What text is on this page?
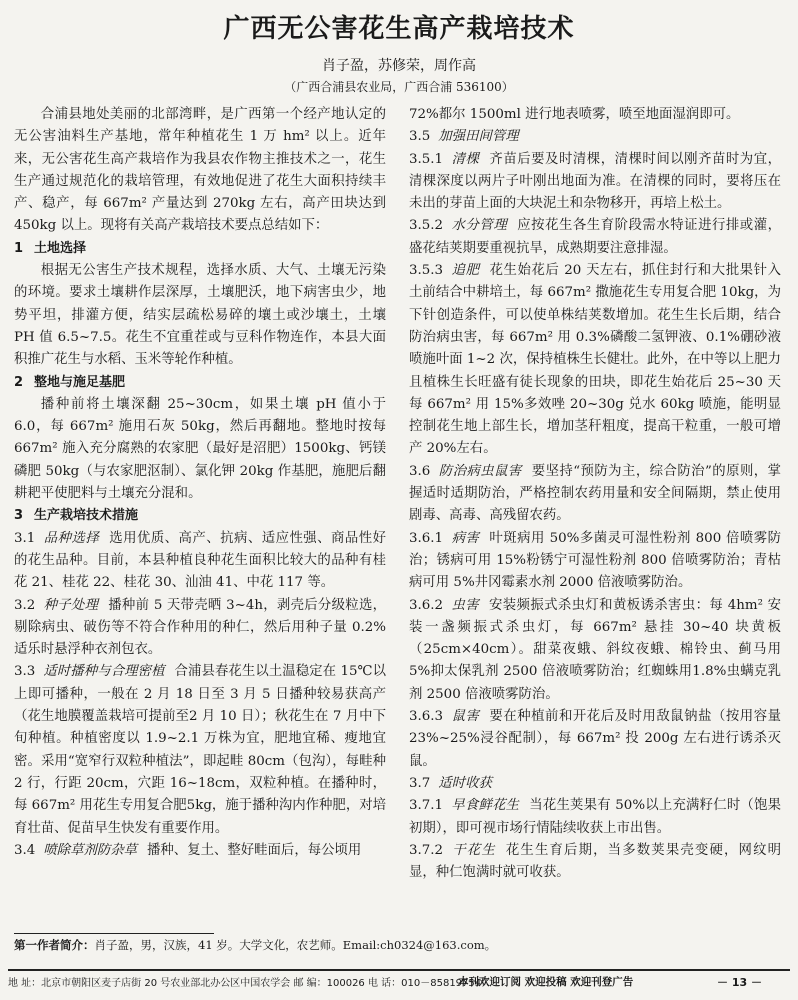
广西无公害花生高产栽培技术
肖子盈，苏修荣，周作高
（广西合浦县农业局，广西合浦 536100）

合浦县地处美丽的北部湾畔，是广西第一个经产地认定的无公害油料生产基地，常年种植花生 1 万 hm² 以上。近年来，无公害花生高产栽培作为我县农作物主推技术之一，花生生产通过规范化的栽培管理，有效地促进了花生大面积持续丰产、稳产，每 667m² 产量达到 270kg 左右，高产田块达到 450kg 以上。现将有关高产栽培技术要点总结如下：

1 土地选择

根据无公害生产技术规程，选择水质、大气、土壤无污染的环境。要求土壤耕作层深厚，土壤肥沃，地下病害虫少，地势平坦，排灌方便，结实层疏松易碎的壤土或沙壤土，土壤 PH 值 6.5~7.5。花生不宜重茬或与豆科作物连作，本县大面积推广花生与水稻、玉米等轮作种植。

2 整地与施足基肥

播种前将土壤深翻 25~30cm，如果土壤 pH 值小于 6.0，每 667m² 施用石灰 50kg，然后再翻地。整地时按每 667m² 施入充分腐熟的农家肥（最好是沼肥）1500kg、钙镁磷肥 50kg（与农家肥沤制）、氯化钾 20kg 作基肥，施肥后翻耕耙平使肥料与土壤充分混和。

3 生产栽培技术措施

3.1 品种选择 选用优质、高产、抗病、适应性强、商品性好的花生品种。目前，本县种植良种花生面积比较大的品种有桂花 21、桂花 22、桂花 30、汕油 41、中花 117 等。

3.2 种子处理 播种前 5 天带壳晒 3~4h，剥壳后分级粒选，剔除病虫、破伤等不符合作种用的种仁，然后用种子量 0.2%适乐时悬浮种衣剂包衣。

3.3 适时播种与合理密植 合浦县春花生以土温稳定在 15℃以上即可播种，一般在 2 月 18 日至 3 月 5 日播种较易获高产（花生地膜覆盖栽培可提前至2 月 10 日）；秋花生在 7 月中下旬种植。种植密度以 1.9~2.1 万株为宜，肥地宜稀、瘦地宜密。采用“宽窄行双粒种植法”，即起畦 80cm（包沟），每畦种 2 行，行距 20cm，穴距 16~18cm，双粒种植。在播种时，每 667m² 用花生专用复合肥5kg，施于播种沟内作种肥，对培育壮苗、促苗早生快发有重要作用。

3.4 喷除草剂防杂草 播种、复土、整好畦面后，每公顷用

72%都尔 1500ml 进行地表喷雾，喷至地面湿润即可。

3.5 加强田间管理

3.5.1 清棵 齐苗后要及时清棵，清棵时间以刚齐苗时为宜，清棵深度以两片子叶刚出地面为准。在清棵的同时，要将压在未出的芽苗上面的大块泥土和杂物移开，再培上松土。

3.5.2 水分管理 应按花生各生育阶段需水特证进行排或灌，盛花结荚期要重视抗旱，成熟期要注意排湿。

3.5.3 追肥 花生始花后 20 天左右，抓住封行和大批果针入土前结合中耕培土，每 667m² 撒施花生专用复合肥 10kg，为下针创造条件，可以使单株结荚数增加。花生生长后期，结合防治病虫害，每 667m² 用 0.3%磷酸二氢钾液、0.1%硼砂液喷施叶面 1~2 次，保持植株生长健壮。此外，在中等以上肥力且植株生长旺盛有徒长现象的田块，即花生始花后 25~30 天每 667m² 用 15%多效唑 20~30g 兑水 60kg 喷施，能明显控制花生地上部生长，增加茎秆粗度，提高干粒重，一般可增产 20%左右。

3.6 防治病虫鼠害 要坚持“预防为主，综合防治”的原则，掌握适时适期防治，严格控制农药用量和安全间隔期，禁止使用剧毒、高毒、高残留农药。

3.6.1 病害 叶斑病用 50%多菌灵可湿性粉剂 800 倍喷雾防治；锈病可用 15%粉锈宁可湿性粉剂 800 倍喷雾防治；青枯病可用 5%井冈霉素水剂 2000 倍液喷雾防治。

3.6.2 虫害 安装频振式杀虫灯和黄板诱杀害虫：每 4hm² 安装一盏频振式杀虫灯，每 667m² 悬挂 30~40 块黄板（25cm×40cm）。甜菜夜蛾、斜纹夜蛾、棉铃虫、蓟马用 5%抑太保乳剂 2500 倍液喷雾防治；红蜘蛛用1.8%虫螨克乳剂 2500 倍液喷雾防治。

3.6.3 鼠害 要在种植前和开花后及时用敌鼠钠盐（按用容量 23%~25%浸谷配制），每 667m² 投 200g 左右进行诱杀灭鼠。

3.7 适时收获

3.7.1 早食鲜花生 当花生荚果有 50%以上充满籽仁时（饱果初期），即可视市场行情陆续收获上市出售。

3.7.2 干花生 花生生育后期，当多数荚果壳变硬，网纹明显，种仁饱满时就可收获。

第一作者简介：肖子盈，男，汉族，41 岁。大学文化，农艺师。Email:ch0324@163.com。
地 址：北京市朝阳区麦子店街 20 号农业部北办公区中国农学会 邮 编：100026 电 话：010－85819754
本刊欢迎订阅 欢迎投稿 欢迎刊登广告	－ 13 －
